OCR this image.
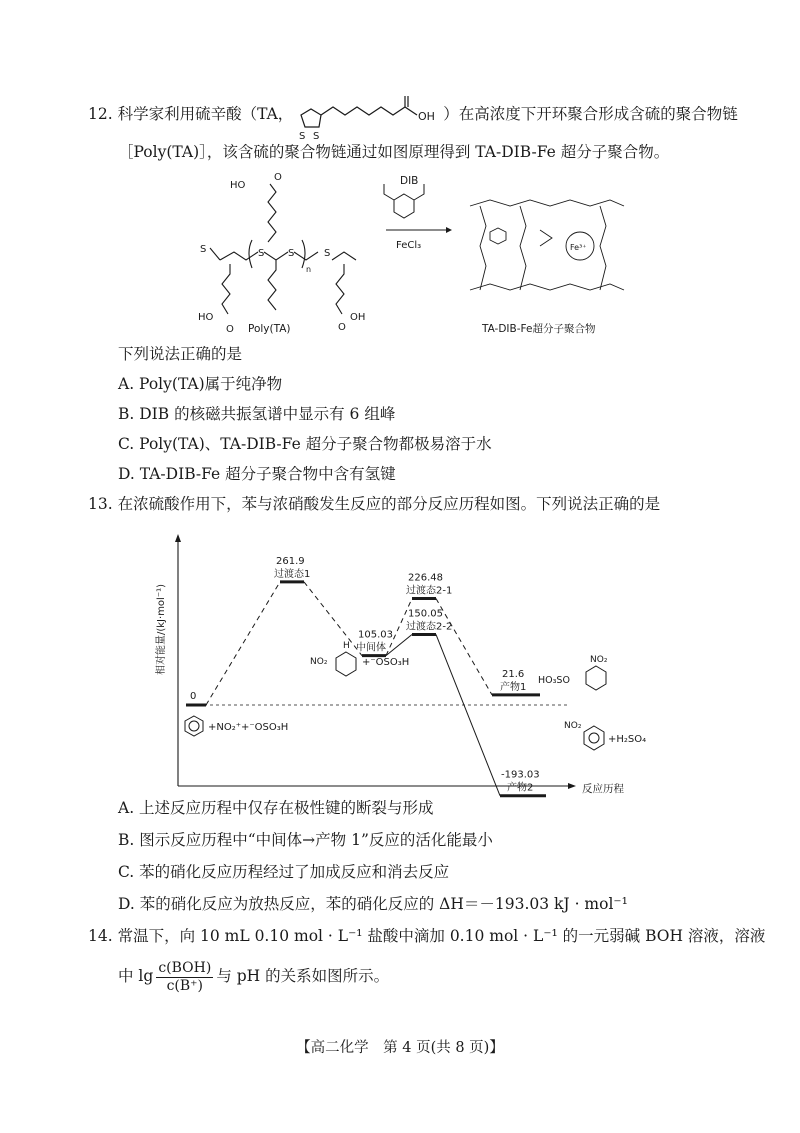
12. 科学家利用硫辛酸（TA，
S S
OH ）在高浓度下开环聚合形成含硫的聚合物链
［Poly(TA)］，该含硫的聚合物链通过如图原理得到 TA-DIB-Fe 超分子聚合物。
HO
O
HO
O	O
OH
S	S S	S
n
Poly(TA)
DIB
FeCl₃	Fe³⁺
TA-DIB-Fe超分子聚合物
下列说法正确的是
A. Poly(TA)属于纯净物
B. DIB 的核磁共振氢谱中显示有 6 组峰
C. Poly(TA)、TA-DIB-Fe 超分子聚合物都极易溶于水
D. TA-DIB-Fe 超分子聚合物中含有氢键
13. 在浓硫酸作用下，苯与浓硝酸发生反应的部分反应历程如图。下列说法正确的是
相对能量/(kJ·mol⁻¹)
反应历程
0
261.9
过渡态1
105.03
中间体
226.48
过渡态2-1
150.05
过渡态2-2
21.6
产物1
-193.03
产物2
+NO₂⁺+⁻OSO₃H
NO₂
H
+⁻OSO₃H	NO₂
HO₃SO
NO₂
+H₂SO₄
A. 上述反应历程中仅存在极性键的断裂与形成
B. 图示反应历程中“中间体→产物 1”反应的活化能最小
C. 苯的硝化反应历程经过了加成反应和消去反应
D. 苯的硝化反应为放热反应，苯的硝化反应的 ΔH＝－193.03 kJ · mol⁻¹
14. 常温下，向 10 mL 0.10 mol · L⁻¹ 盐酸中滴加 0.10 mol · L⁻¹ 的一元弱碱 BOH 溶液，溶液
中 $\lg \frac{\text{c(BOH)}}{c(B^+)}$ 与 pH 的关系如图所示。
【高二化学　第 4 页(共 8 页)】
